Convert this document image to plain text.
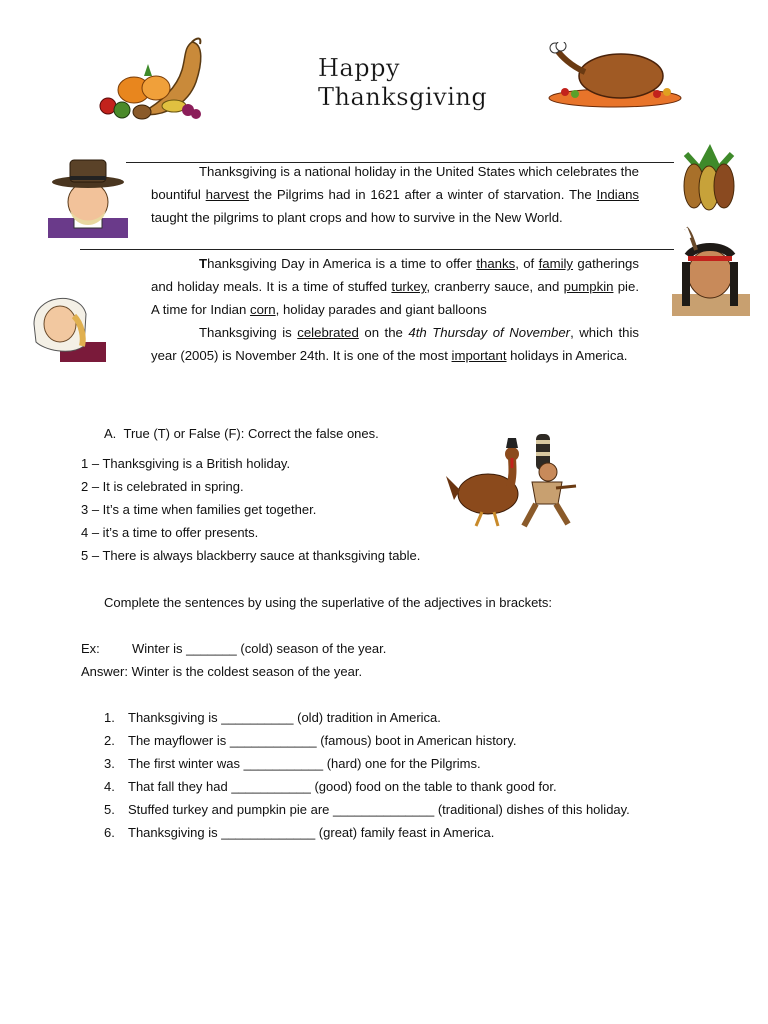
Happy
Thanksgiving

Thanksgiving is a national holiday in the United States which celebrates the bountiful harvest the Pilgrims had in 1621 after a winter of starvation. The Indians taught the pilgrims to plant crops and how to survive in the New World.

Thanksgiving Day in America is a time to offer thanks, of family gatherings and holiday meals. It is a time of stuffed turkey, cranberry sauce, and pumpkin pie. A time for Indian corn, holiday parades and giant balloons

Thanksgiving is celebrated on the 4th Thursday of November, which this year (2005) is November 24th. It is one of the most important holidays in America.

A.  True (T) or False (F): Correct the false ones.
1 – Thanksgiving is a British holiday.
2 – It is celebrated in spring.
3 – It’s a time when families get together.
4 – it’s a time to offer presents.
5 – There is always blackberry sauce at thanksgiving table.
Complete the sentences by using the superlative of the adjectives in brackets:
Ex: Winter is _______ (cold) season of the year.
Answer: Winter is the coldest season of the year.
1. Thanksgiving is __________ (old) tradition in America.
2. The mayflower is ____________ (famous) boot in American history.
3. The first winter was ___________ (hard) one for the Pilgrims.
4. That fall they had ___________ (good) food on the table to thank good for.
5. Stuffed turkey and pumpkin pie are ______________ (traditional) dishes of this holiday.
6. Thanksgiving is _____________ (great) family feast in America.
